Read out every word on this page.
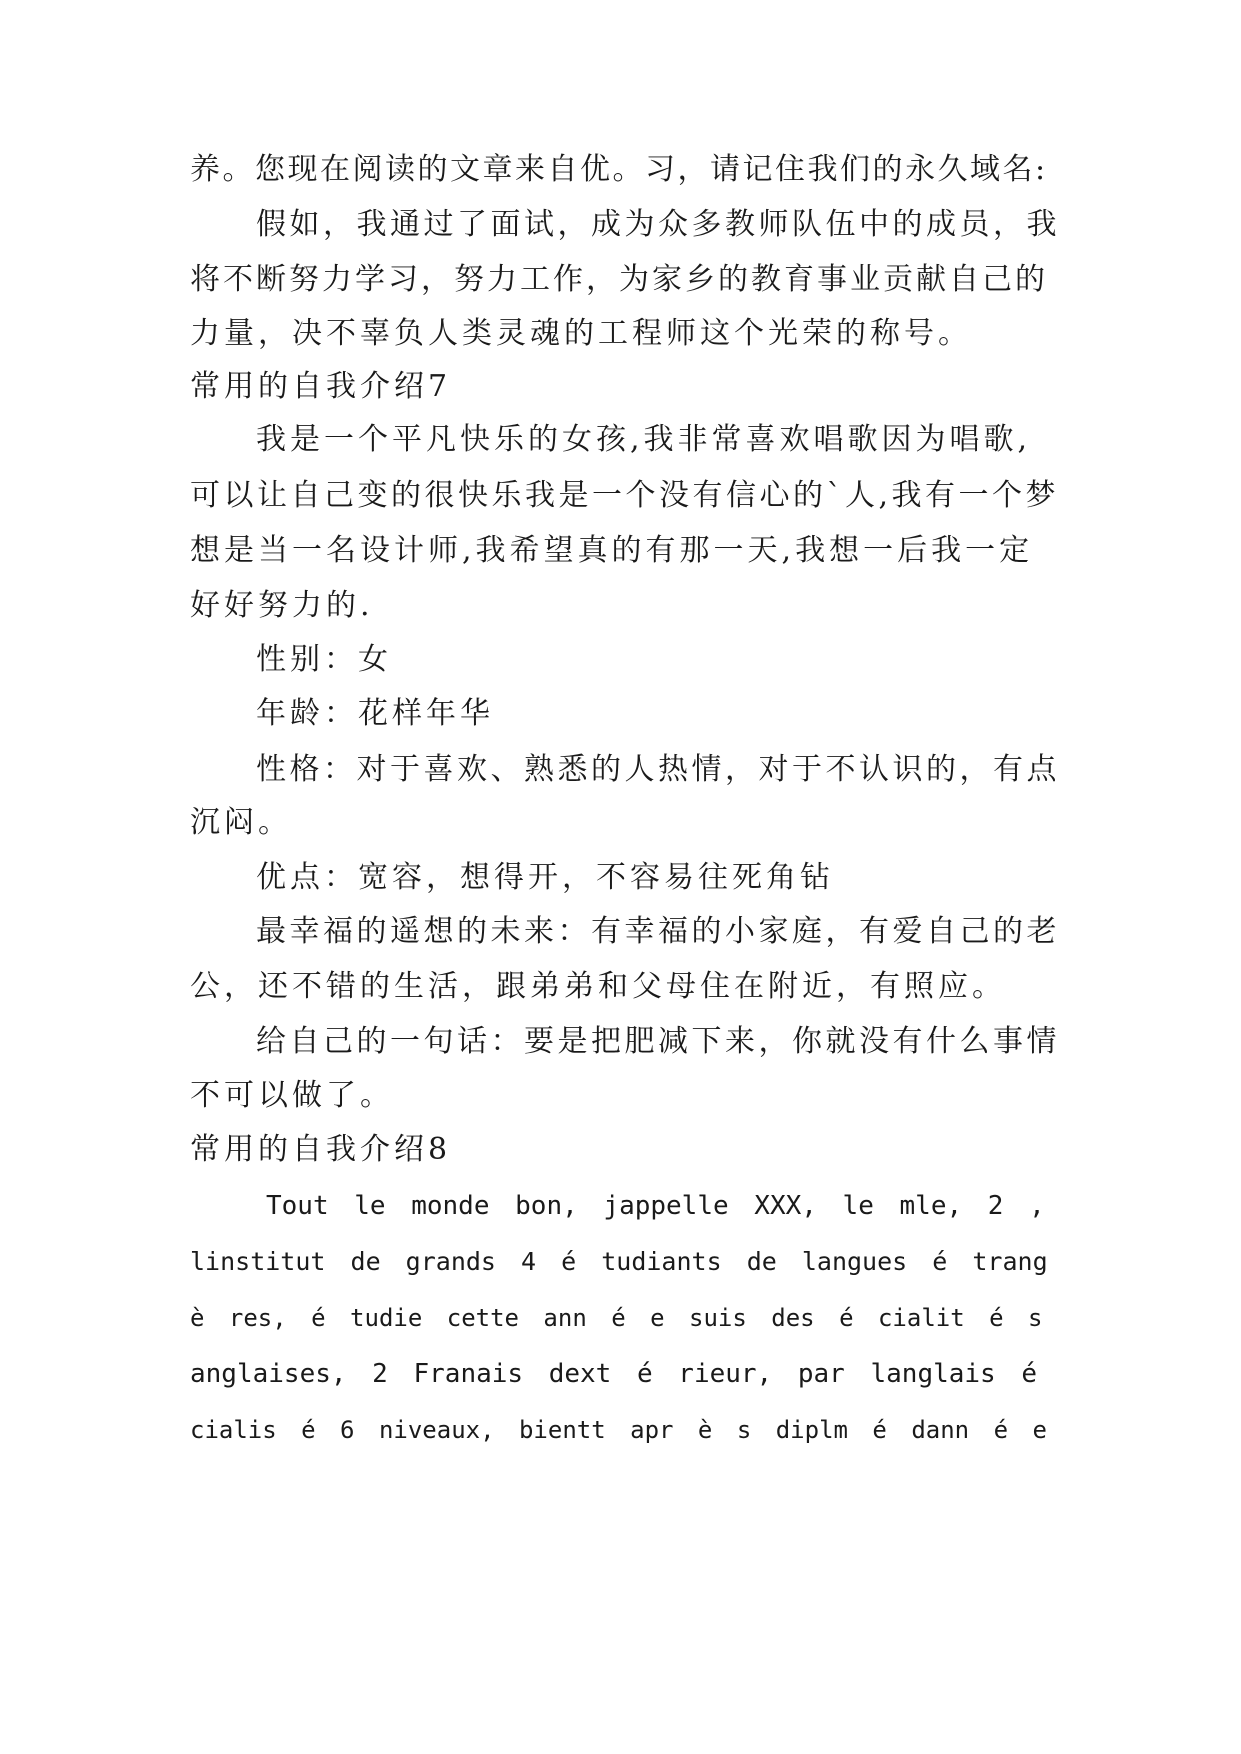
养。您现在阅读的文章来自优。习，请记住我们的永久域名:
假如，我通过了面试，成为众多教师队伍中的成员，我
将不断努力学习，努力工作，为家乡的教育事业贡献自己的
力量，决不辜负人类灵魂的工程师这个光荣的称号。
常用的自我介绍7
我是一个平凡快乐的女孩,我非常喜欢唱歌因为唱歌,
可以让自己变的很快乐我是一个没有信心的`人,我有一个梦
想是当一名设计师,我希望真的有那一天,我想一后我一定
好好努力的.
性别：女
年龄：花样年华
性格：对于喜欢、熟悉的人热情，对于不认识的，有点
沉闷。
优点：宽容，想得开，不容易往死角钻
最幸福的遥想的未来：有幸福的小家庭，有爱自己的老
公，还不错的生活，跟弟弟和父母住在附近，有照应。
给自己的一句话：要是把肥减下来，你就没有什么事情
不可以做了。
常用的自我介绍8
Tout le monde bon, jappelle XXX, le mle, 2 ,
linstitut de grands 4 é tudiants de langues é trang
è res, é tudie cette ann é e suis des é cialit é s
anglaises, 2 Franais dext é rieur, par langlais é
cialis é 6 niveaux, bientt apr è s diplm é dann é e
